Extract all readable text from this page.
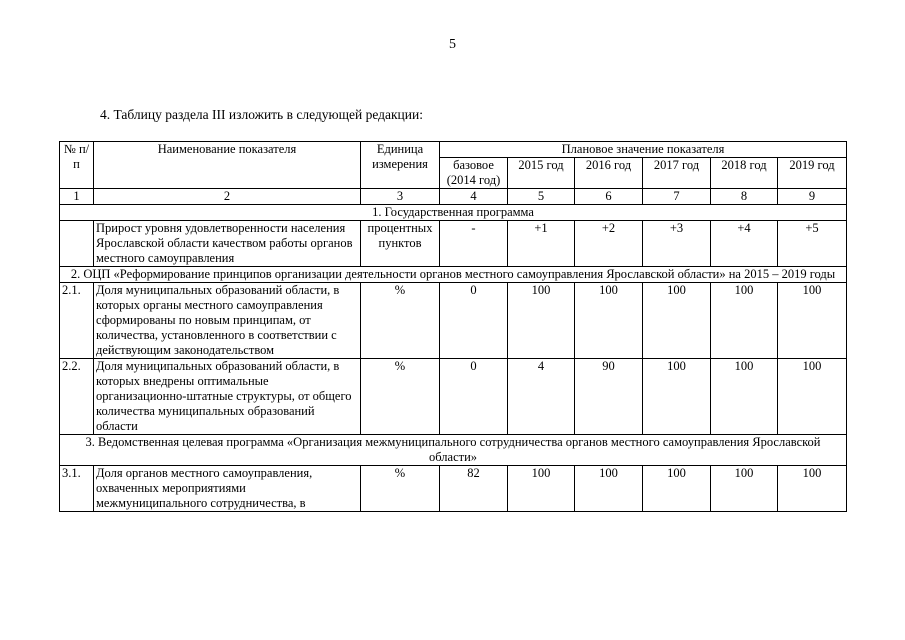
5
4. Таблицу раздела III изложить в следующей редакции:
№ п/п	Наименование показателя	Единица измерения	Плановое значение показателя					
			базовое (2014 год)	2015 год	2016 год	2017 год	2018 год	2019 год
1	2	3	4	5	6	7	8	9
1. Государственная программа								
	Прирост уровня удовлетворенности населения Ярославской области качеством работы органов местного самоуправления	процентных пунктов	-	+1	+2	+3	+4	+5
2. ОЦП «Реформирование принципов организации деятельности органов местного самоуправления Ярославской области» на 2015 – 2019 годы								
2.1.	Доля муниципальных образований области, в которых органы местного самоуправления сформированы по новым принципам, от количества, установленного в соответствии с действующим законодательством	%	0	100	100	100	100	100
2.2.	Доля муниципальных образований области, в которых внедрены оптимальные организационно-штатные структуры, от общего количества муниципальных образований области	%	0	4	90	100	100	100
3. Ведомственная целевая программа «Организация межмуниципального сотрудничества органов местного самоуправления Ярославской области»								
3.1.	Доля органов местного самоуправления, охваченных мероприятиями межмуниципального сотрудничества, в	%	82	100	100	100	100	100
